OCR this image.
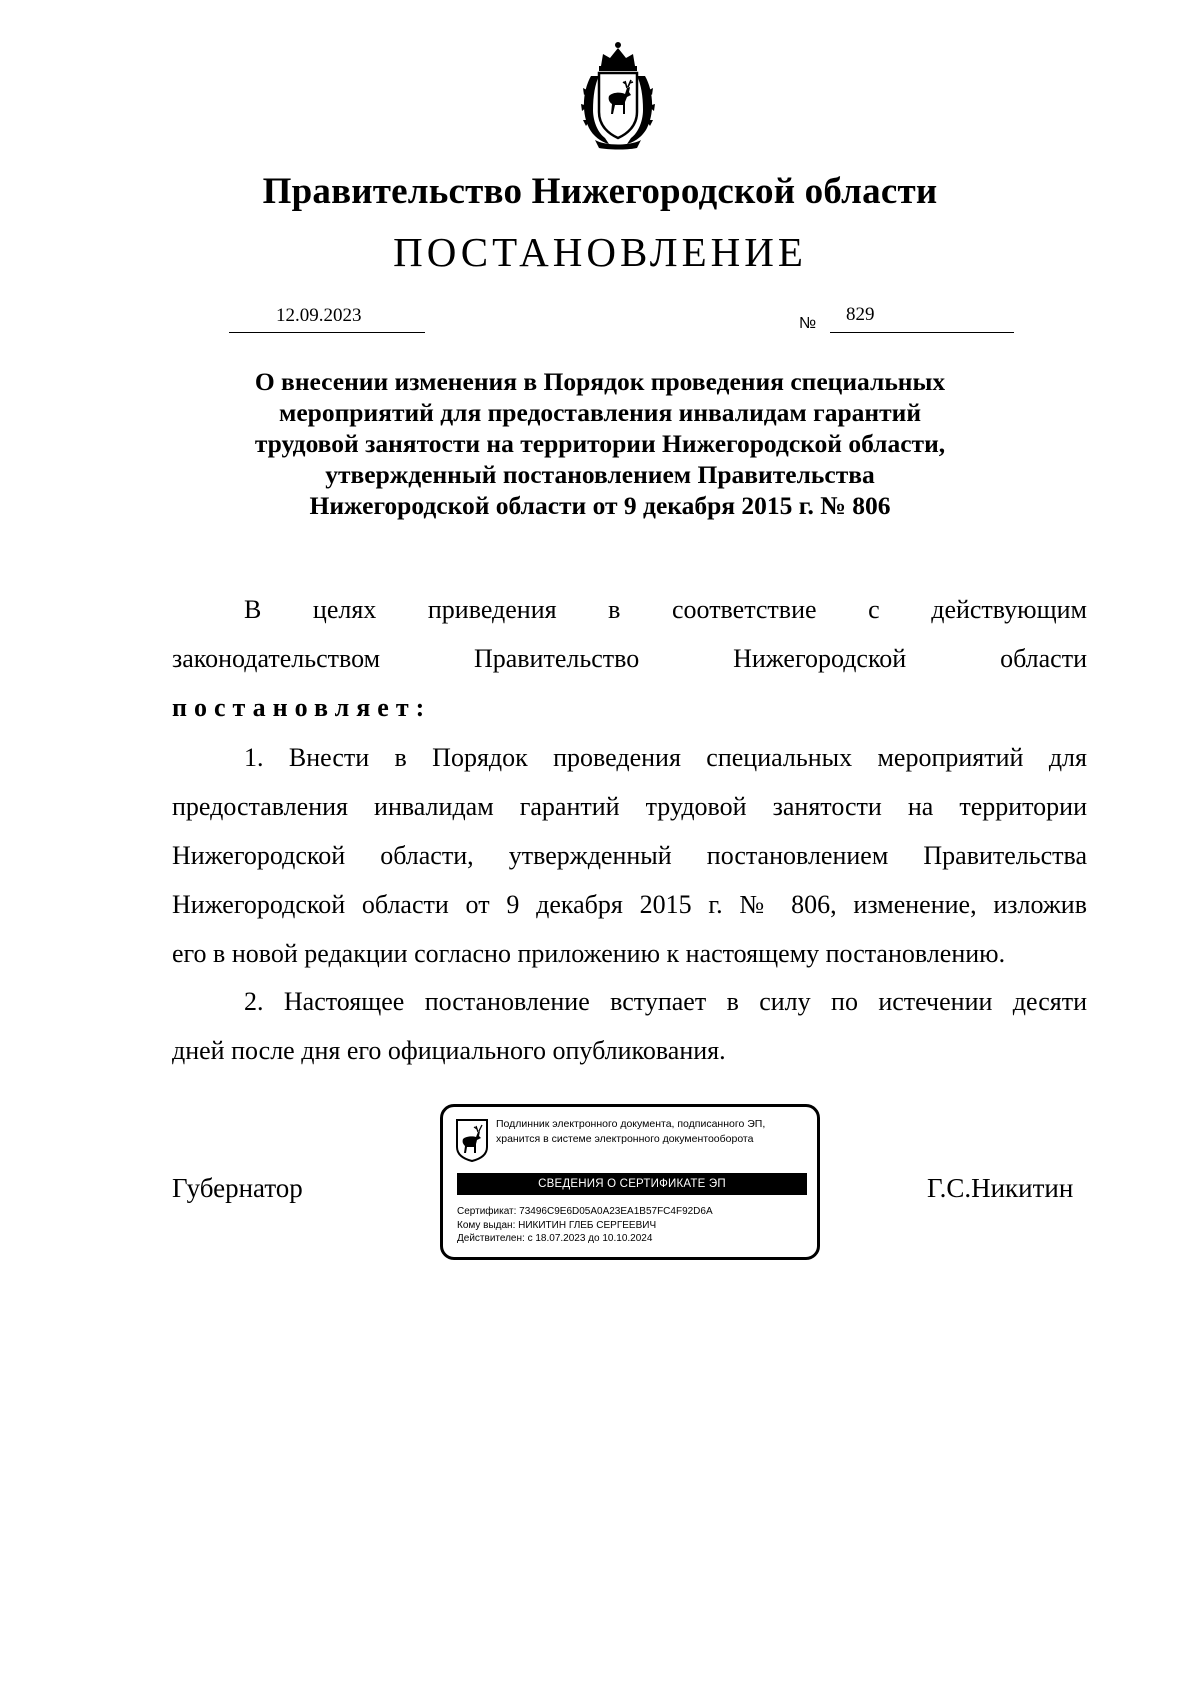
Правительство Нижегородской области
ПОСТАНОВЛЕНИЕ
12.09.2023	№ 829
О внесении изменения в Порядок проведения специальных
мероприятий для предоставления инвалидам гарантий
трудовой занятости на территории Нижегородской области,
утвержденный постановлением Правительства
Нижегородской области от 9 декабря 2015 г. № 806
В целях приведения в соответствие с действующим
законодательством Правительство Нижегородской области
постановляет:
1. Внести в Порядок проведения специальных мероприятий для
предоставления инвалидам гарантий трудовой занятости на территории
Нижегородской области, утвержденный постановлением Правительства
Нижегородской области от 9 декабря 2015 г. № 806, изменение, изложив
его в новой редакции согласно приложению к настоящему постановлению.
2. Настоящее постановление вступает в силу по истечении десяти
дней после дня его официального опубликования.
Губернатор	Г.С.Никитин
Подлинник электронного документа, подписанного ЭП,
хранится в системе электронного документооборота
СВЕДЕНИЯ О СЕРТИФИКАТЕ ЭП
Сертификат: 73496C9E6D05A0A23EA1B57FC4F92D6A
Кому выдан: НИКИТИН ГЛЕБ СЕРГЕЕВИЧ
Действителен: с 18.07.2023 до 10.10.2024
